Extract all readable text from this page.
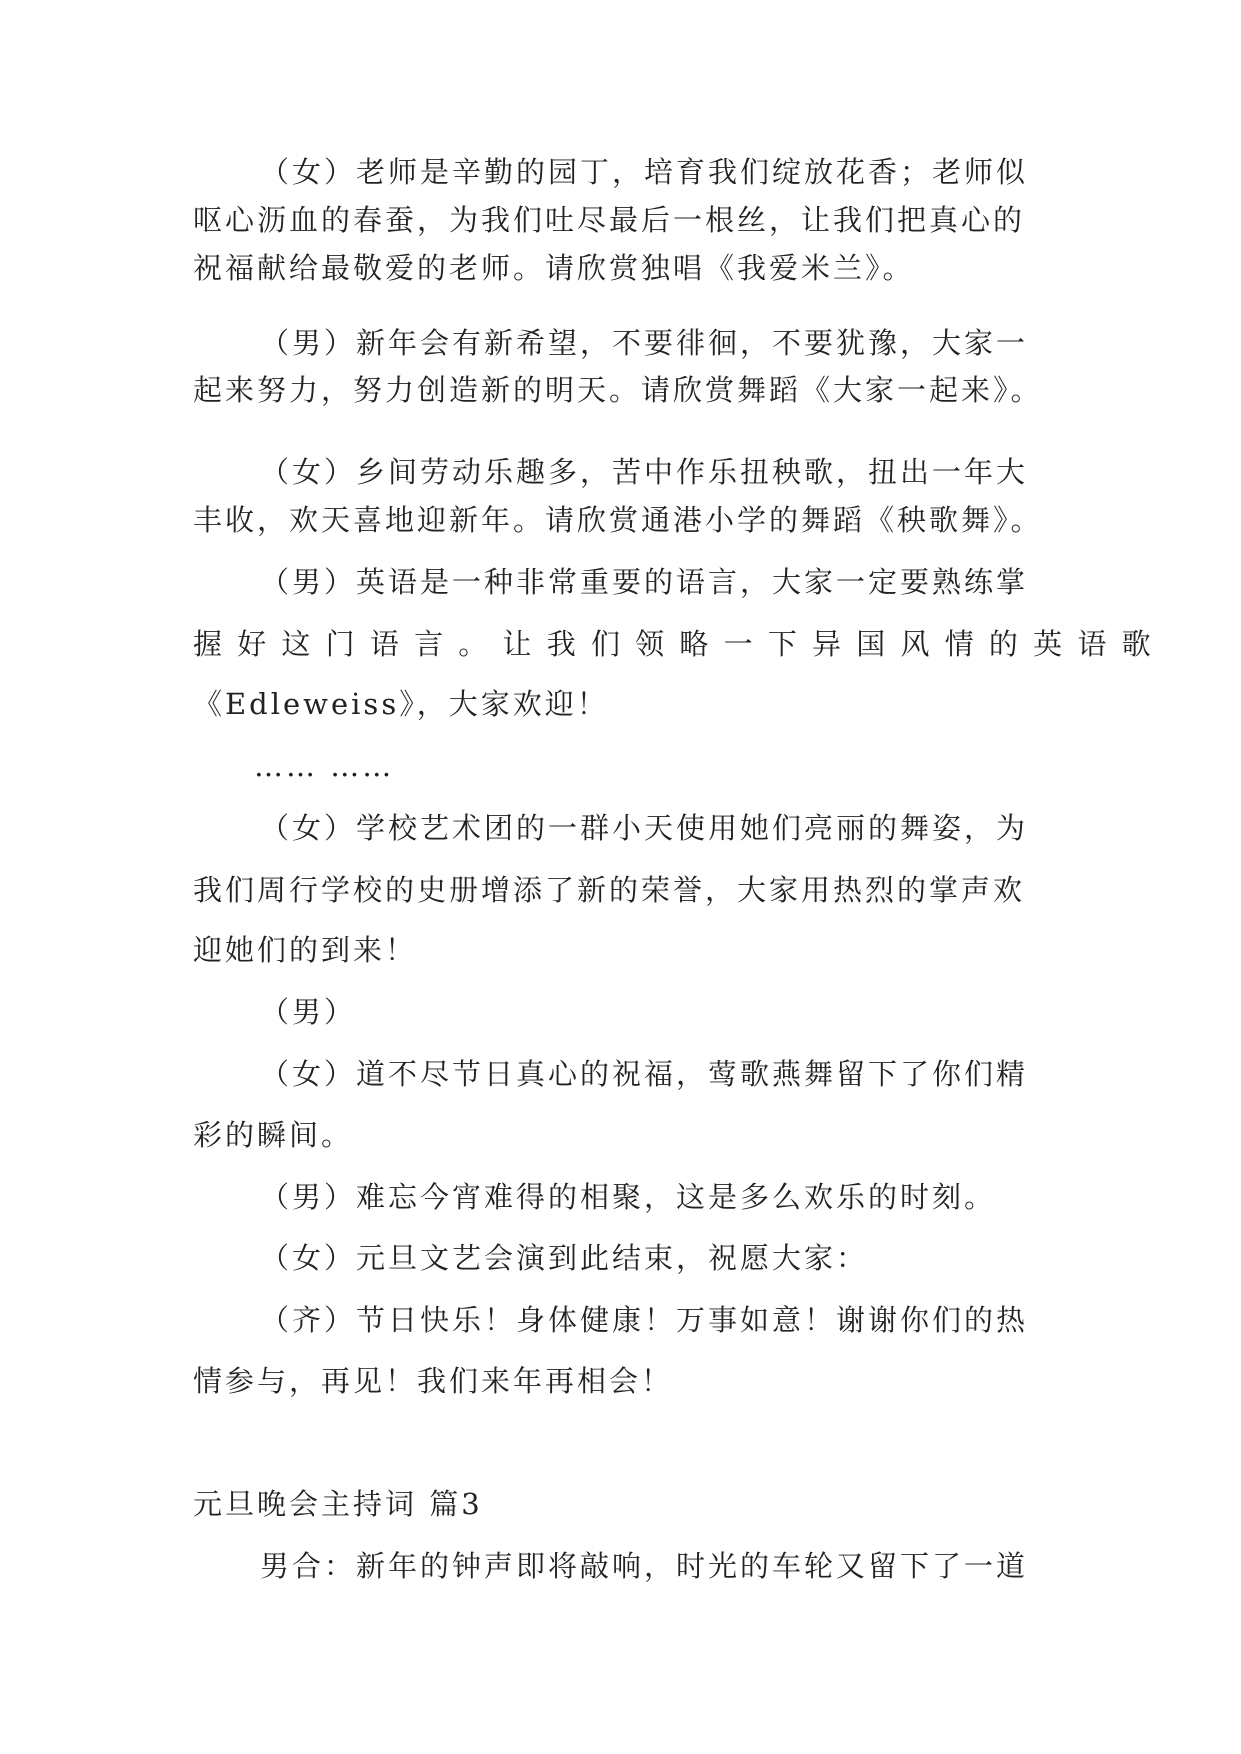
（女）老师是辛勤的园丁，培育我们绽放花香；老师似
呕心沥血的春蚕，为我们吐尽最后一根丝，让我们把真心的
祝福献给最敬爱的老师。请欣赏独唱《我爱米兰》。
（男）新年会有新希望，不要徘徊，不要犹豫，大家一
起来努力，努力创造新的明天。请欣赏舞蹈《大家一起来》。
（女）乡间劳动乐趣多，苦中作乐扭秧歌，扭出一年大
丰收，欢天喜地迎新年。请欣赏通港小学的舞蹈《秧歌舞》。
（男）英语是一种非常重要的语言，大家一定要熟练掌
握 好 这 门 语 言 。 让 我 们 领 略 一 下 异 国 风 情 的 英 语 歌
《Edleweiss》，大家欢迎！
…… ……
（女）学校艺术团的一群小天使用她们亮丽的舞姿，为
我们周行学校的史册增添了新的荣誉，大家用热烈的掌声欢
迎她们的到来！
（男）
（女）道不尽节日真心的祝福，莺歌燕舞留下了你们精
彩的瞬间。
（男）难忘今宵难得的相聚，这是多么欢乐的时刻。
（女）元旦文艺会演到此结束，祝愿大家：
（齐）节日快乐！身体健康！万事如意！谢谢你们的热
情参与，再见！我们来年再相会！
元旦晚会主持词 篇3
男合：新年的钟声即将敲响，时光的车轮又留下了一道
